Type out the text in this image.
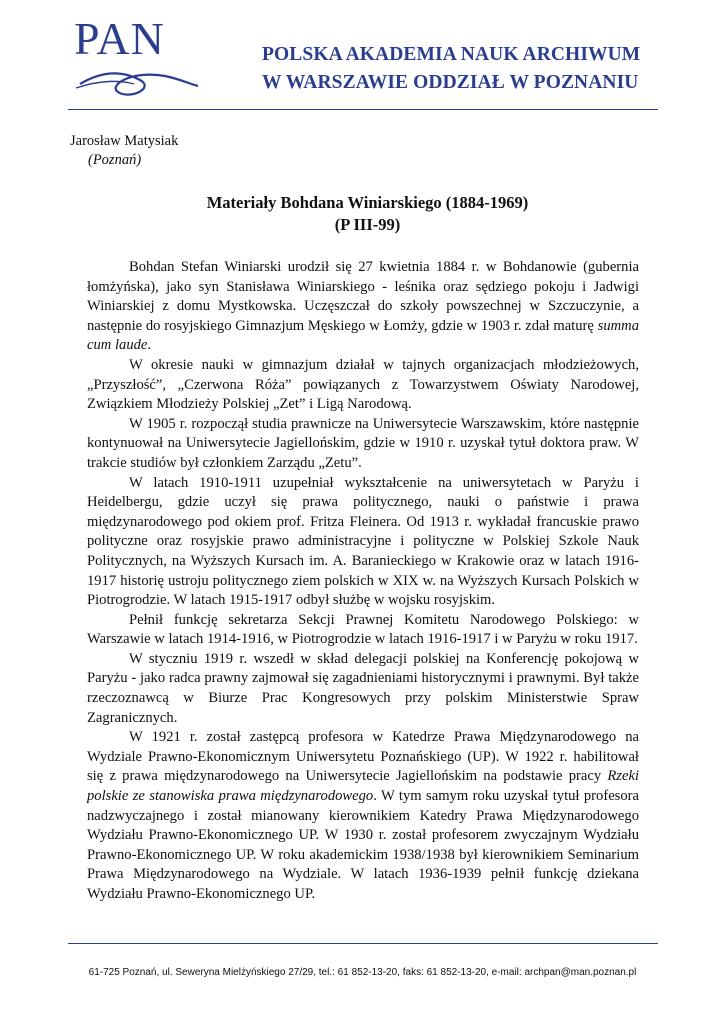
PAN	POLSKA AKADEMIA NAUK ARCHIWUM
W WARSZAWIE ODDZIAŁ W POZNANIU
Jarosław Matysiak
(Poznań)
Materiały Bohdana Winiarskiego (1884-1969)
(P III-99)

Bohdan Stefan Winiarski urodził się 27 kwietnia 1884 r. w Bohdanowie (gubernia łomżyńska), jako syn Stanisława Winiarskiego - leśnika oraz sędziego pokoju i Jadwigi Winiarskiej z domu Mystkowska. Uczęszczał do szkoły powszechnej w Szczuczynie, a następnie do rosyjskiego Gimnazjum Męskiego w Łomży, gdzie w 1903 r. zdał maturę summa cum laude.

W okresie nauki w gimnazjum działał w tajnych organizacjach młodzieżowych, „Przyszłość”, „Czerwona Róża” powiązanych z Towarzystwem Oświaty Narodowej, Związkiem Młodzieży Polskiej „Zet” i Ligą Narodową.

W 1905 r. rozpoczął studia prawnicze na Uniwersytecie Warszawskim, które następnie kontynuował na Uniwersytecie Jagiellońskim, gdzie w 1910 r. uzyskał tytuł doktora praw. W trakcie studiów był członkiem Zarządu „Zetu”.

W latach 1910-1911 uzupełniał wykształcenie na uniwersytetach w Paryżu i Heidelbergu, gdzie uczył się prawa politycznego, nauki o państwie i prawa międzynarodowego pod okiem prof. Fritza Fleinera. Od 1913 r. wykładał francuskie prawo polityczne oraz rosyjskie prawo administracyjne i polityczne w Polskiej Szkole Nauk Politycznych, na Wyższych Kursach im. A. Baranieckiego w Krakowie oraz w latach 1916-1917 historię ustroju politycznego ziem polskich w XIX w. na Wyższych Kursach Polskich w Piotrogrodzie. W latach 1915-1917 odbył służbę w wojsku rosyjskim.

Pełnił funkcję sekretarza Sekcji Prawnej Komitetu Narodowego Polskiego: w Warszawie w latach 1914-1916, w Piotrogrodzie w latach 1916-1917 i w Paryżu w roku 1917.

W styczniu 1919 r. wszedł w skład delegacji polskiej na Konferencję pokojową w Paryżu - jako radca prawny zajmował się zagadnieniami historycznymi i prawnymi. Był także rzeczoznawcą w Biurze Prac Kongresowych przy polskim Ministerstwie Spraw Zagranicznych.

W 1921 r. został zastępcą profesora w Katedrze Prawa Międzynarodowego na Wydziale Prawno-Ekonomicznym Uniwersytetu Poznańskiego (UP). W 1922 r. habilitował się z prawa międzynarodowego na Uniwersytecie Jagiellońskim na podstawie pracy Rzeki polskie ze stanowiska prawa międzynarodowego. W tym samym roku uzyskał tytuł profesora nadzwyczajnego i został mianowany kierownikiem Katedry Prawa Międzynarodowego Wydziału Prawno-Ekonomicznego UP. W 1930 r. został profesorem zwyczajnym Wydziału Prawno-Ekonomicznego UP. W roku akademickim 1938/1938 był kierownikiem Seminarium Prawa Międzynarodowego na Wydziale. W latach 1936-1939 pełnił funkcję dziekana Wydziału Prawno-Ekonomicznego UP.

61-725 Poznań, ul. Seweryna Mielżyńskiego 27/29, tel.: 61 852-13-20, faks: 61 852-13-20, e-mail: archpan@man.poznan.pl
